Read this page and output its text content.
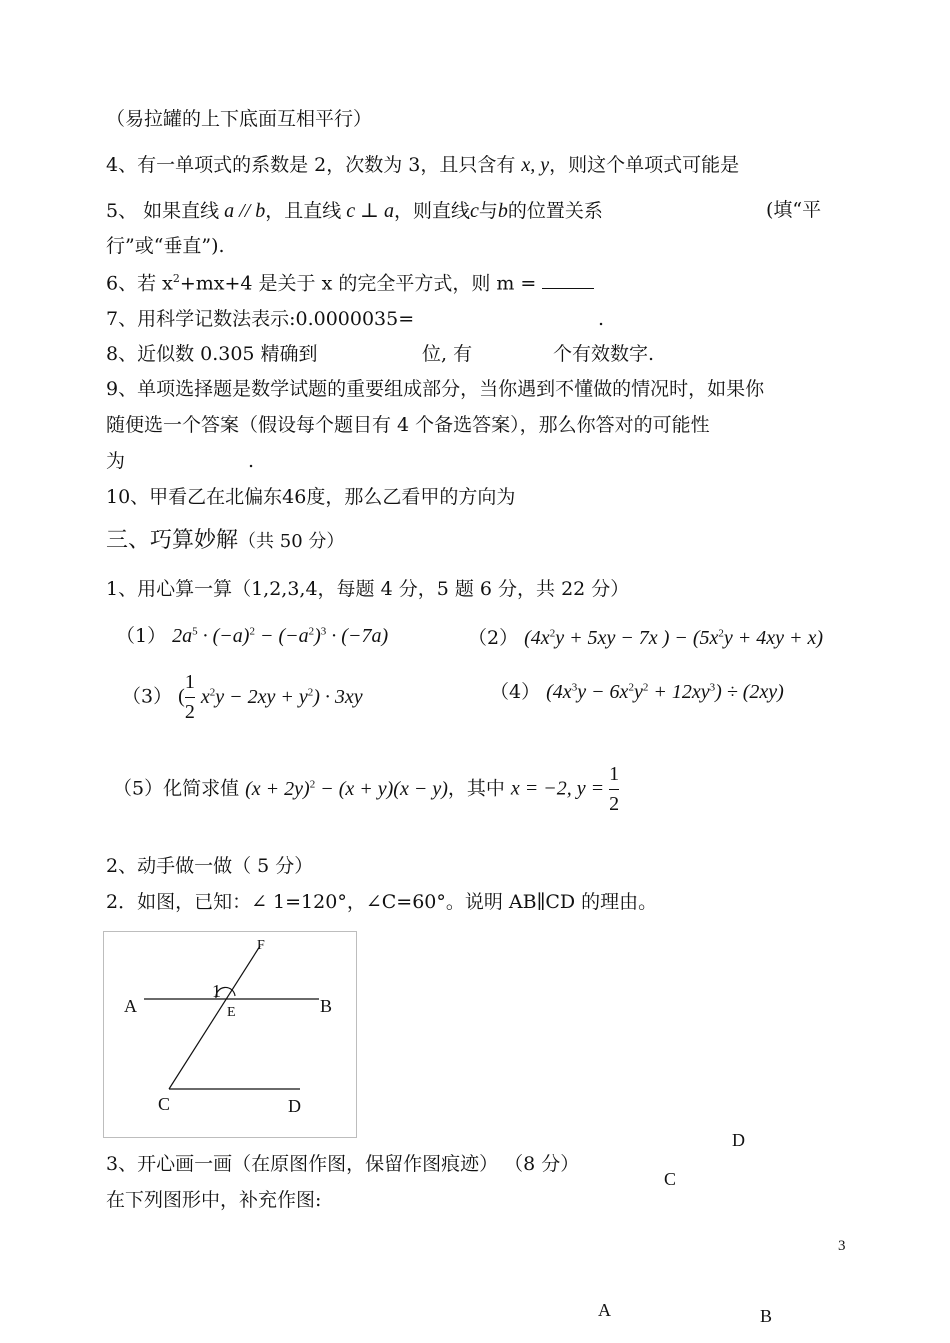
（易拉罐的上下底面互相平行）
4、有一单项式的系数是 2，次数为 3，且只含有 x, y，则这个单项式可能是
5、 如果直线 a // b，且直线 c ⊥ a，则直线c与b的位置关系	(填“平
行”或“垂直”).
6、若 $x^2+mx+4$ 是关于 x 的完全平方式，则 m =
7、用科学记数法表示:0.0000035=	.
8、近似数 0.305 精确到	位, 有	个有效数字.
9、单项选择题是数学试题的重要组成部分，当你遇到不懂做的情况时，如果你
随便选一个答案（假设每个题目有 4 个备选答案），那么你答对的可能性
为	.
10、甲看乙在北偏东46度，那么乙看甲的方向为
三、巧算妙解（共 50 分）
1、用心算一算（1,2,3,4，每题 4 分，5 题 6 分，共 22 分）
（1） $2a^5 \cdot (-a)^2 - (-a^2)^3 \cdot (-7a)$	（2） ($4x^2y + 5xy - 7x$ ) − $(5x^2y + 4xy + x)$
（3） ( $\frac{1}{2} x^2y - 2xy + y^2) \cdot 3xy$	（4） $(4x^3y - 6x^2y^2 + 12xy^3) \div (2xy)$
（5）化简求值 $(x + 2y)^2 - (x + y)(x - y)$，其中 x = −2, $y = \frac{1}{2}$
2、动手做一做（ 5 分）
2．如图，已知：∠ 1=120°，∠C=60°。说明 AB∥CD 的理由。
A	B
C	D
E
F
1
3、开心画一画（在原图作图，保留作图痕迹） （8 分）
在下列图形中，补充作图:
D
C
A	B
3
